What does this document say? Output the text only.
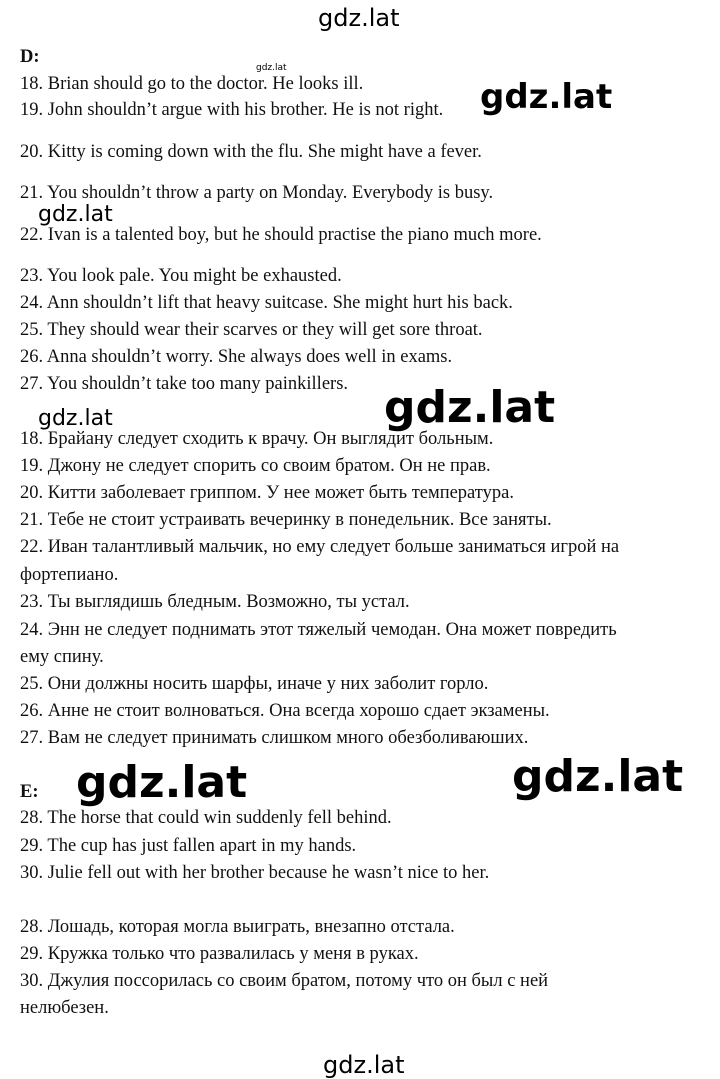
gdz.lat
gdz.lat
D:
18. Brian should go to the doctor. He looks ill.
19. John shouldn’t argue with his brother. He is not right.
20. Kitty is coming down with the flu. She might have a fever.
21. You shouldn’t throw a party on Monday. Everybody is busy.
22. Ivan is a talented boy, but he should practise the piano much more.
23. You look pale. You might be exhausted.
24. Ann shouldn’t lift that heavy suitcase. She might hurt his back.
25. They should wear their scarves or they will get sore throat.
26. Anna shouldn’t worry. She always does well in exams.
27. You shouldn’t take too many painkillers.
18. Брайану следует сходить к врачу. Он выглядит больным.
19. Джону не следует спорить со своим братом. Он не прав.
20. Китти заболевает гриппом. У нее может быть температура.
21. Тебе не стоит устраивать вечеринку в понедельник. Все заняты.
22. Иван талантливый мальчик, но ему следует больше заниматься игрой на
фортепиано.
23. Ты выглядишь бледным. Возможно, ты устал.
24. Энн не следует поднимать этот тяжелый чемодан. Она может повредить
ему спину.
25. Они должны носить шарфы, иначе у них заболит горло.
26. Анне не стоит волноваться. Она всегда хорошо сдает экзамены.
27. Вам не следует принимать слишком много обезболиваюших.
E:
28. The horse that could win suddenly fell behind.
29. The cup has just fallen apart in my hands.
30. Julie fell out with her brother because he wasn’t nice to her.
28. Лошадь, которая могла выиграть, внезапно отстала.
29. Кружка только что развалилась у меня в руках.
30. Джулия поссорилась со своим братом, потому что он был с ней
нелюбезен.
gdz.lat
gdz.lat
gdz.lat	gdz.lat
gdz.lat	gdz.lat
gdz.lat
